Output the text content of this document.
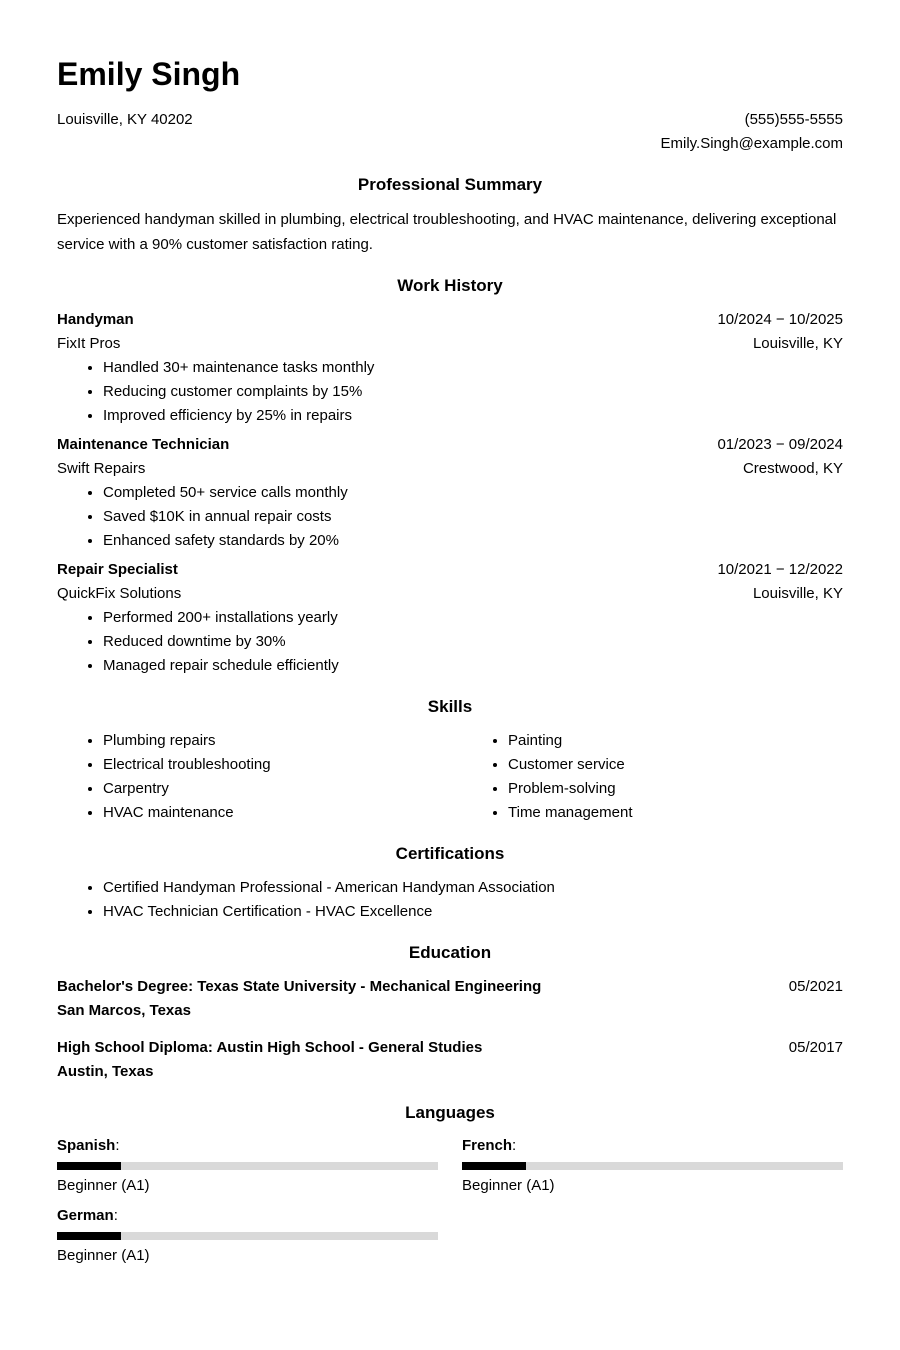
Emily Singh
Louisville, KY 40202	(555)555-5555
Emily.Singh@example.com
Professional Summary

Experienced handyman skilled in plumbing, electrical troubleshooting, and HVAC maintenance, delivering exceptional service with a 90% customer satisfaction rating.

Work History
Handyman	10/2024 − 10/2025
FixIt Pros	Louisville, KY
• Handled 30+ maintenance tasks monthly
• Reducing customer complaints by 15%
• Improved efficiency by 25% in repairs
Maintenance Technician	01/2023 − 09/2024
Swift Repairs	Crestwood, KY
• Completed 50+ service calls monthly
• Saved $10K in annual repair costs
• Enhanced safety standards by 20%
Repair Specialist	10/2021 − 12/2022
QuickFix Solutions	Louisville, KY
• Performed 200+ installations yearly
• Reduced downtime by 30%
• Managed repair schedule efficiently
Skills
• Plumbing repairs
• Electrical troubleshooting
• Carpentry
• HVAC maintenance
• Painting
• Customer service
• Problem-solving
• Time management
Certifications
• Certified Handyman Professional - American Handyman Association
• HVAC Technician Certification - HVAC Excellence
Education
Bachelor's Degree: Texas State University - Mechanical Engineering	05/2021
San Marcos, Texas
High School Diploma: Austin High School - General Studies	05/2017
Austin, Texas
Languages
Spanish:
Beginner (A1)
French:
Beginner (A1)
German:
Beginner (A1)
